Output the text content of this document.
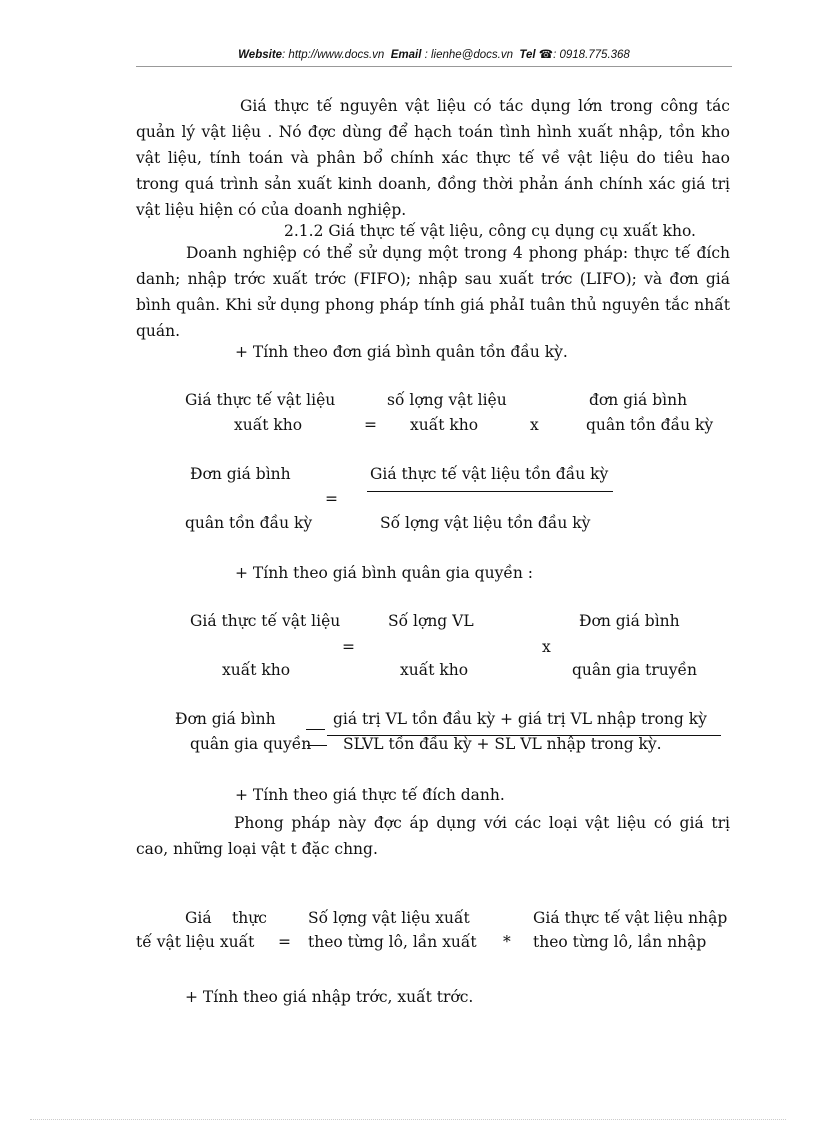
Website: http://www.docs.vn Email : lienhe@docs.vn Tel ☎: 0918.775.368
Giá thực tế nguyên vật liệu có tác dụng lớn trong công tác quản lý vật liệu . Nó đợc dùng để hạch toán tình hình xuất nhập, tồn kho vật liệu, tính toán và phân bổ chính xác thực tế về vật liệu do tiêu hao trong quá trình sản xuất kinh doanh, đồng thời phản ánh chính xác giá trị vật liệu hiện có của doanh nghiệp.
2.1.2 Giá thực tế vật liệu, công cụ dụng cụ xuất kho.
Doanh nghiệp có thể sử dụng một trong 4 phong pháp: thực tế đích danh; nhập trớc xuất trớc (FIFO); nhập sau xuất trớc (LIFO); và đơn giá bình quân. Khi sử dụng phong pháp tính giá phảI tuân thủ nguyên tắc nhất quán.
+ Tính theo đơn giá bình quân tồn đầu kỳ.
Giá thực tế vật liệu
xuất kho	=
số lợng vật liệu
xuất kho	x
đơn giá bình
quân tồn đầu kỳ
Đơn giá bình
quân tồn đầu kỳ
=
Giá thực tế vật liệu tồn đầu kỳ
Số lợng vật liệu tồn đầu kỳ
+ Tính theo giá bình quân gia quyền :
Giá thực tế vật liệu
xuất kho
=
Số lợng VL
xuất kho
x
Đơn giá bình
quân gia truyền
Đơn giá bình
quân gia quyền
giá trị VL tồn đầu kỳ + giá trị VL nhập trong kỳ
SLVL tồn đầu kỳ + SL VL nhập trong kỳ.
+ Tính theo giá thực tế đích danh.
Phong pháp này đợc áp dụng với các loại vật liệu có giá trị cao, những loại vật t đặc chng.
Giá thực
tế vật liệu xuất =
Số lợng vật liệu xuất
theo từng lô, lần xuất *
Giá thực tế vật liệu nhập
theo từng lô, lần nhập
+ Tính theo giá nhập trớc, xuất trớc.
